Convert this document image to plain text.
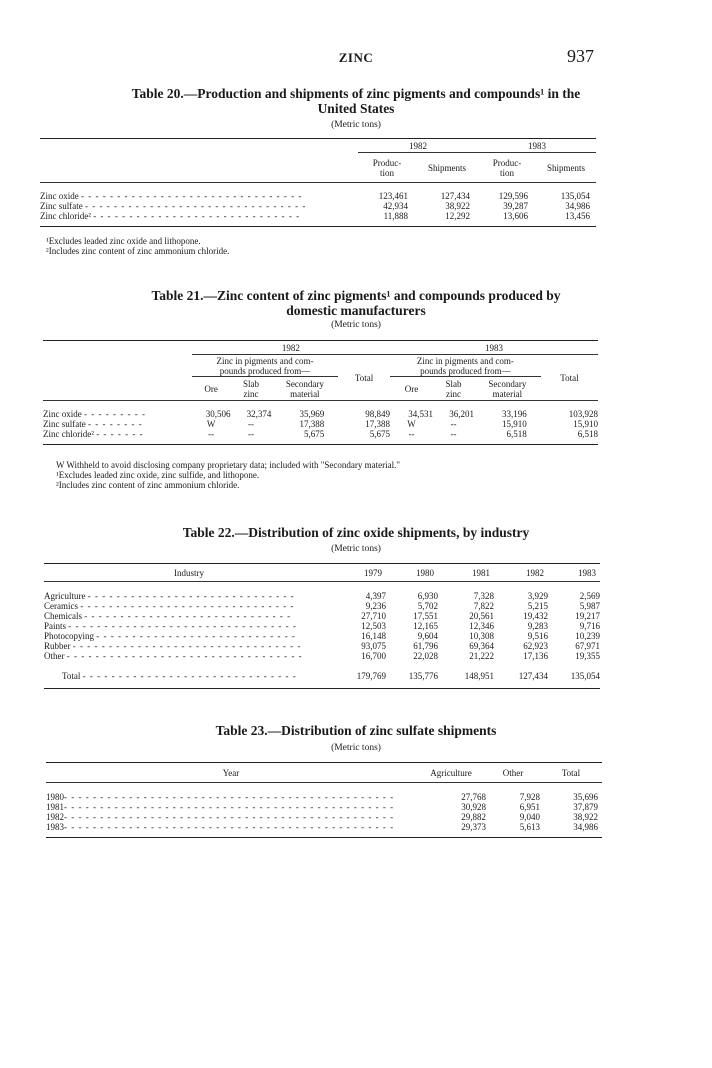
ZINC	937
Table 20.—Production and shipments of zinc pigments and compounds¹ in the
United States
(Metric tons)
	1982		1983	
	Produc-
tion	Shipments	Produc-
tion	Shipments

Zinc oxide - - - - - - - - - - - - - - - - - - - - - - - - - - - - - - -	123,461	127,434	129,596	135,054
Zinc sulfate - - - - - - - - - - - - - - - - - - - - - - - - - - - - - - -	42,934	38,922	39,287	34,986
Zinc chloride² - - - - - - - - - - - - - - - - - - - - - - - - - - - - -	11,888	12,292	13,606	13,456

¹Excludes leaded zinc oxide and lithopone.
²Includes zinc content of zinc ammonium chloride.
Table 21.—Zinc content of zinc pigments¹ and compounds produced by
domestic manufacturers
(Metric tons)
	1982				1983			
	Zinc in pigments and com-
pounds produced from—			Total	Zinc in pigments and com-
pounds produced from—			Total
	Ore	Slab
zinc	Secondary
material		Ore	Slab
zinc	Secondary
material	

Zinc oxide - - - - - - - - -	30,506	32,374	35,969	98,849	34,531	36,201	33,196	103,928
Zinc sulfate - - - - - - - -	W	--	17,388	17,388	W	--	15,910	15,910
Zinc chloride² - - - - - - -	--	--	5,675	5,675	--	--	6,518	6,518

W Withheld to avoid disclosing company proprietary data; included with "Secondary material."
¹Excludes leaded zinc oxide, zinc sulfide, and lithopone.
²Includes zinc content of zinc ammonium chloride.
Table 22.—Distribution of zinc oxide shipments, by industry
(Metric tons)
Industry	1979	1980	1981	1982	1983

Agriculture - - - - - - - - - - - - - - - - - - - - - - - - - - - - -	4,397	6,930	7,328	3,929	2,569
Ceramics - - - - - - - - - - - - - - - - - - - - - - - - - - - - - -	9,236	5,702	7,822	5,215	5,987
Chemicals - - - - - - - - - - - - - - - - - - - - - - - - - - - - -	27,710	17,551	20,561	19,432	19,217
Paints - - - - - - - - - - - - - - - - - - - - - - - - - - - - - - - -	12,503	12,165	12,346	9,283	9,716
Photocopying - - - - - - - - - - - - - - - - - - - - - - - - - - - -	16,148	9,604	10,308	9,516	10,239
Rubber - - - - - - - - - - - - - - - - - - - - - - - - - - - - - - - -	93,075	61,796	69,364	62,923	67,971
Other - - - - - - - - - - - - - - - - - - - - - - - - - - - - - - - - -	16,700	22,028	21,222	17,136	19,355

Total - - - - - - - - - - - - - - - - - - - - - - - - - - - - - -	179,769	135,776	148,951	127,434	135,054

Table 23.—Distribution of zinc sulfate shipments
(Metric tons)
Year	Agriculture	Other	Total

1980- - - - - - - - - - - - - - - - - - - - - - - - - - - - - - - - - - - - - - - - - - - - - -	27,768	7,928	35,696
1981- - - - - - - - - - - - - - - - - - - - - - - - - - - - - - - - - - - - - - - - - - - - - -	30,928	6,951	37,879
1982- - - - - - - - - - - - - - - - - - - - - - - - - - - - - - - - - - - - - - - - - - - - - -	29,882	9,040	38,922
1983- - - - - - - - - - - - - - - - - - - - - - - - - - - - - - - - - - - - - - - - - - - - - -	29,373	5,613	34,986
